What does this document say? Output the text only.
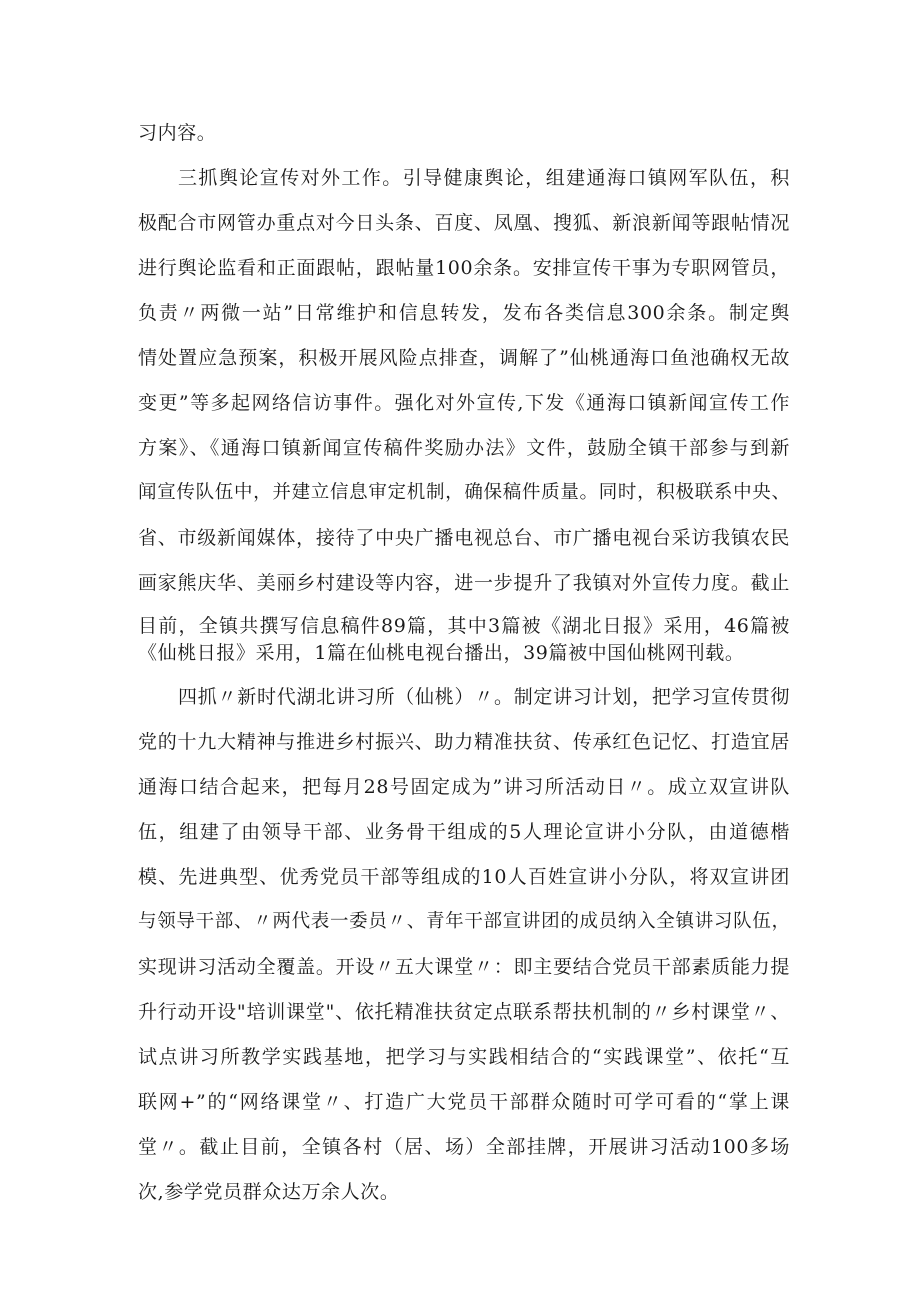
习内容。
三抓舆论宣传对外工作。引导健康舆论，组建通海口镇网军队伍，积
极配合市网管办重点对今日头条、百度、凤凰、搜狐、新浪新闻等跟帖情况
进行舆论监看和正面跟帖，跟帖量100余条。安排宣传干事为专职网管员，
负责〃两微一站”日常维护和信息转发，发布各类信息300余条。制定舆
情处置应急预案，积极开展风险点排查，调解了”仙桃通海口鱼池确权无故
变更”等多起网络信访事件。强化对外宣传,下发《通海口镇新闻宣传工作
方案》、《通海口镇新闻宣传稿件奖励办法》文件，鼓励全镇干部参与到新
闻宣传队伍中，并建立信息审定机制，确保稿件质量。同时，积极联系中央、
省、市级新闻媒体，接待了中央广播电视总台、市广播电视台采访我镇农民
画家熊庆华、美丽乡村建设等内容，进一步提升了我镇对外宣传力度。截止
目前，全镇共撰写信息稿件89篇，其中3篇被《湖北日报》采用，46篇被
《仙桃日报》采用，1篇在仙桃电视台播出，39篇被中国仙桃网刊载。
四抓〃新时代湖北讲习所（仙桃）〃。制定讲习计划，把学习宣传贯彻
党的十九大精神与推进乡村振兴、助力精准扶贫、传承红色记忆、打造宜居
通海口结合起来，把每月28号固定成为”讲习所活动日〃。成立双宣讲队
伍，组建了由领导干部、业务骨干组成的5人理论宣讲小分队，由道德楷
模、先进典型、优秀党员干部等组成的10人百姓宣讲小分队，将双宣讲团
与领导干部、〃两代表一委员〃、青年干部宣讲团的成员纳入全镇讲习队伍，
实现讲习活动全覆盖。开设〃五大课堂〃：即主要结合党员干部素质能力提
升行动开设"培训课堂"、依托精准扶贫定点联系帮扶机制的〃乡村课堂〃、
试点讲习所教学实践基地，把学习与实践相结合的“实践课堂”、依托“互
联网+”的“网络课堂〃、打造广大党员干部群众随时可学可看的“掌上课
堂〃。截止目前，全镇各村（居、场）全部挂牌，开展讲习活动100多场
次,参学党员群众达万余人次。
